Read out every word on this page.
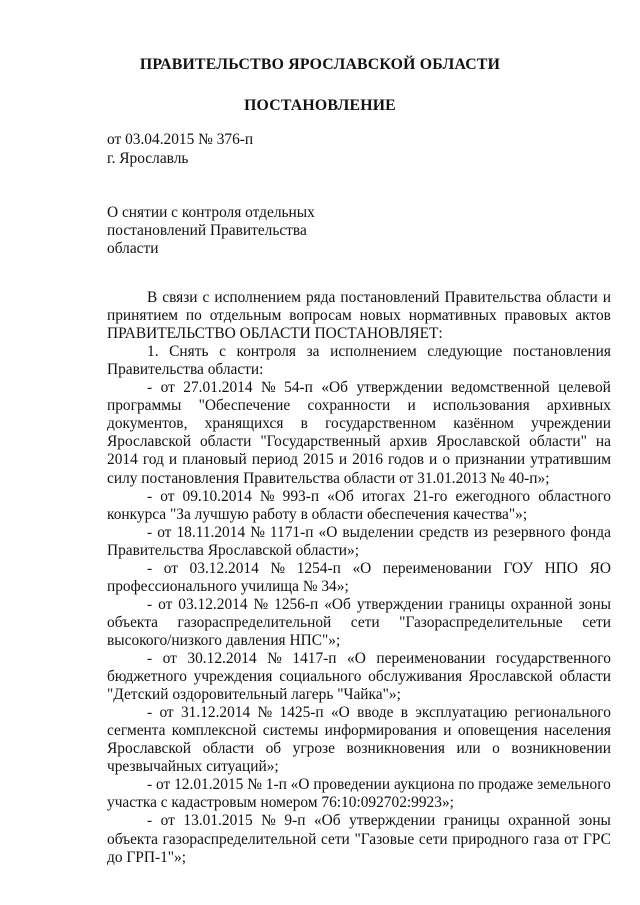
ПРАВИТЕЛЬСТВО ЯРОСЛАВСКОЙ ОБЛАСТИ
ПОСТАНОВЛЕНИЕ
от 03.04.2015 № 376-п
г. Ярославль
О снятии с контроля отдельных
постановлений Правительства
области
В связи с исполнением ряда постановлений Правительства области и
принятием по отдельным вопросам новых нормативных правовых актов
ПРАВИТЕЛЬСТВО ОБЛАСТИ ПОСТАНОВЛЯЕТ:
1. Снять с контроля за исполнением следующие постановления
Правительства области:
- от 27.01.2014 № 54-п «Об утверждении ведомственной целевой
программы "Обеспечение сохранности и использования архивных
документов, хранящихся в государственном казённом учреждении
Ярославской области "Государственный архив Ярославской области" на
2014 год и плановый период 2015 и 2016 годов и о признании утратившим
силу постановления Правительства области от 31.01.2013 № 40-п»;
- от 09.10.2014 № 993-п «Об итогах 21-го ежегодного областного
конкурса "За лучшую работу в области обеспечения качества"»;
- от 18.11.2014 № 1171-п «О выделении средств из резервного фонда
Правительства Ярославской области»;
- от 03.12.2014 № 1254-п «О переименовании ГОУ НПО ЯО
профессионального училища № 34»;
- от 03.12.2014 № 1256-п «Об утверждении границы охранной зоны
объекта газораспределительной сети "Газораспределительные сети
высокого/низкого давления НПС"»;
- от 30.12.2014 № 1417-п «О переименовании государственного
бюджетного учреждения социального обслуживания Ярославской области
"Детский оздоровительный лагерь "Чайка"»;
- от 31.12.2014 № 1425-п «О вводе в эксплуатацию регионального
сегмента комплексной системы информирования и оповещения населения
Ярославской области об угрозе возникновения или о возникновении
чрезвычайных ситуаций»;
- от 12.01.2015 № 1-п «О проведении аукциона по продаже земельного
участка с кадастровым номером 76:10:092702:9923»;
- от 13.01.2015 № 9-п «Об утверждении границы охранной зоны
объекта газораспределительной сети "Газовые сети природного газа от ГРС
до ГРП-1"»;
